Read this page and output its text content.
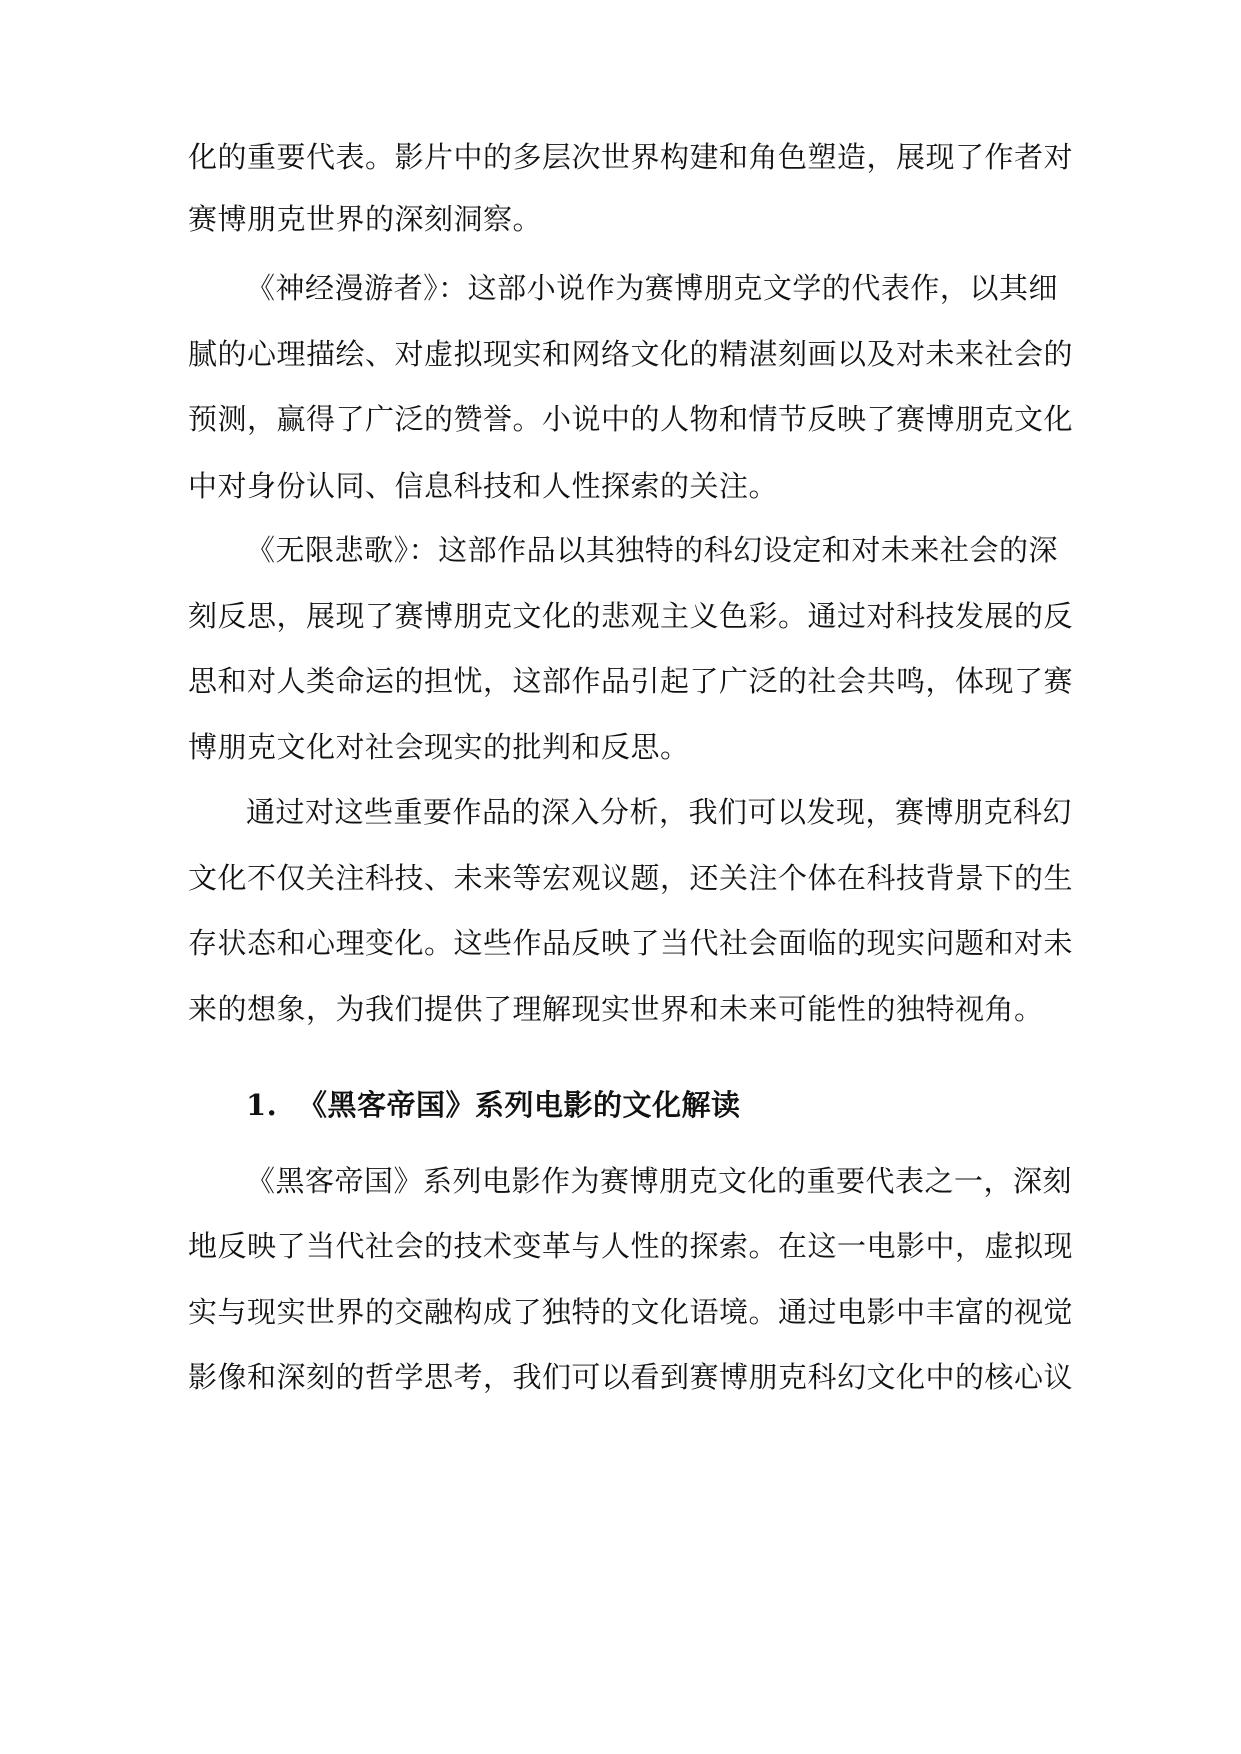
化的重要代表。影片中的多层次世界构建和角色塑造，展现了作者对
赛博朋克世界的深刻洞察。
《神经漫游者》：这部小说作为赛博朋克文学的代表作，以其细
腻的心理描绘、对虚拟现实和网络文化的精湛刻画以及对未来社会的
预测，赢得了广泛的赞誉。小说中的人物和情节反映了赛博朋克文化
中对身份认同、信息科技和人性探索的关注。
《无限悲歌》：这部作品以其独特的科幻设定和对未来社会的深
刻反思，展现了赛博朋克文化的悲观主义色彩。通过对科技发展的反
思和对人类命运的担忧，这部作品引起了广泛的社会共鸣，体现了赛
博朋克文化对社会现实的批判和反思。
通过对这些重要作品的深入分析，我们可以发现，赛博朋克科幻
文化不仅关注科技、未来等宏观议题，还关注个体在科技背景下的生
存状态和心理变化。这些作品反映了当代社会面临的现实问题和对未
来的想象，为我们提供了理解现实世界和未来可能性的独特视角。
1. 《黑客帝国》系列电影的文化解读
《黑客帝国》系列电影作为赛博朋克文化的重要代表之一，深刻
地反映了当代社会的技术变革与人性的探索。在这一电影中，虚拟现
实与现实世界的交融构成了独特的文化语境。通过电影中丰富的视觉
影像和深刻的哲学思考，我们可以看到赛博朋克科幻文化中的核心议
